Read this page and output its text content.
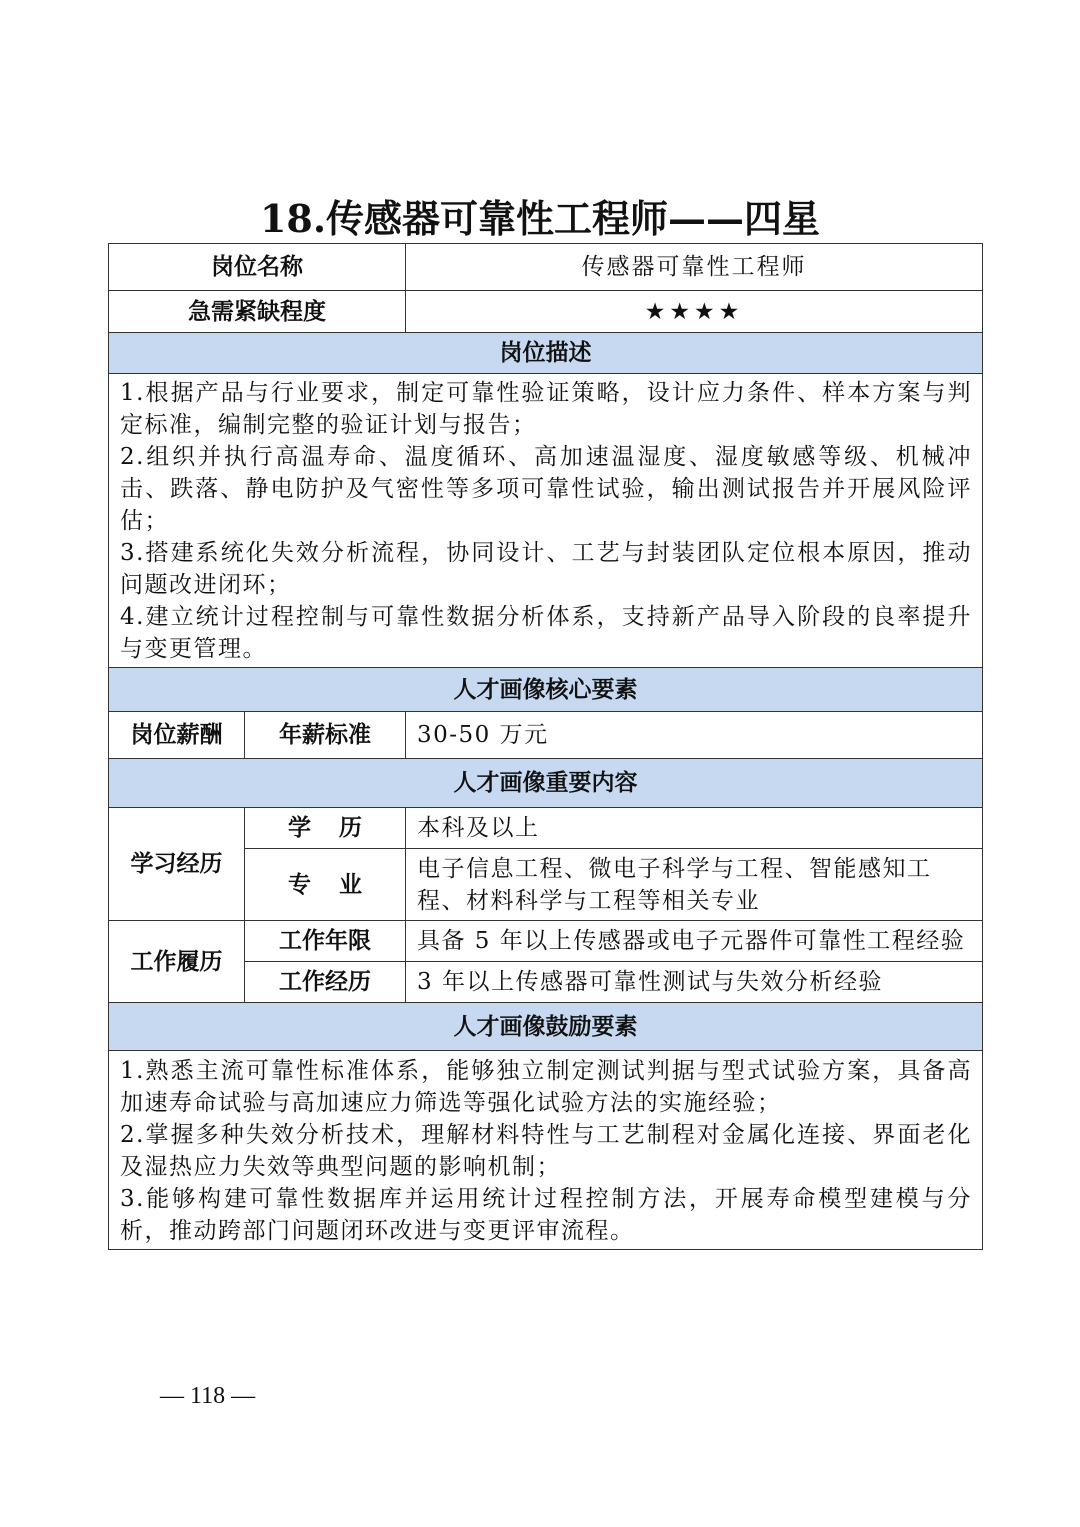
18.传感器可靠性工程师——四星
岗位名称		传感器可靠性工程师
急需紧缺程度		★★★★
岗位描述		

1.根据产品与行业要求，制定可靠性验证策略，设计应力条件、样本方案与判定标准，编制完整的验证计划与报告；

2.组织并执行高温寿命、温度循环、高加速温湿度、湿度敏感等级、机械冲击、跌落、静电防护及气密性等多项可靠性试验，输出测试报告并开展风险评估；

3.搭建系统化失效分析流程，协同设计、工艺与封装团队定位根本原因，推动问题改进闭环；

4.建立统计过程控制与可靠性数据分析体系，支持新产品导入阶段的良率提升与变更管理。		

人才画像核心要素		
岗位薪酬	年薪标准	30-50 万元
人才画像重要内容		
学习经历	学历	本科及以上
	专业	电子信息工程、微电子科学与工程、智能感知工程、材料科学与工程等相关专业
工作履历	工作年限	具备 5 年以上传感器或电子元器件可靠性工程经验
	工作经历	3 年以上传感器可靠性测试与失效分析经验
人才画像鼓励要素		

1.熟悉主流可靠性标准体系，能够独立制定测试判据与型式试验方案，具备高加速寿命试验与高加速应力筛选等强化试验方法的实施经验；

2.掌握多种失效分析技术，理解材料特性与工艺制程对金属化连接、界面老化及湿热应力失效等典型问题的影响机制；

3.能够构建可靠性数据库并运用统计过程控制方法，开展寿命模型建模与分析，推动跨部门问题闭环改进与变更评审流程。		

— 118 —
